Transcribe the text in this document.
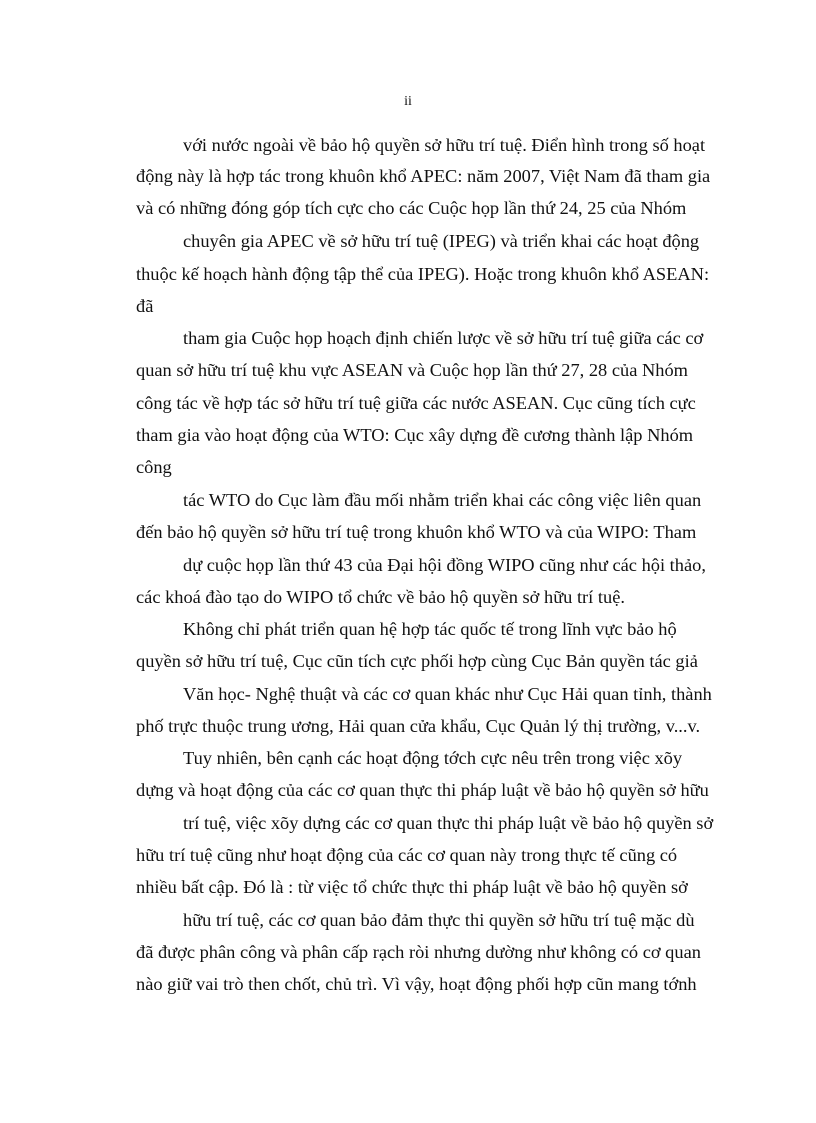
ii
với nước ngoài về bảo hộ quyền sở hữu trí tuệ. Điển hình trong số hoạt
động này là hợp tác trong khuôn khổ APEC: năm 2007, Việt Nam đã tham gia
và có những đóng góp tích cực cho các Cuộc họp lần thứ 24, 25 của Nhóm
chuyên gia APEC về sở hữu trí tuệ (IPEG) và triển khai các hoạt động
thuộc kế hoạch hành động tập thể của IPEG). Hoặc trong khuôn khổ ASEAN:
đã
tham gia Cuộc họp hoạch định chiến lược về sở hữu trí tuệ giữa các cơ
quan sở hữu trí tuệ khu vực ASEAN và Cuộc họp lần thứ 27, 28 của Nhóm
công tác về hợp tác sở hữu trí tuệ giữa các nước ASEAN. Cục cũng tích cực
tham gia vào hoạt động của WTO: Cục xây dựng đề cương thành lập Nhóm
công
tác WTO do Cục làm đầu mối nhằm triển khai các công việc liên quan
đến bảo hộ quyền sở hữu trí tuệ trong khuôn khổ WTO và của WIPO: Tham
dự cuộc họp lần thứ 43 của Đại hội đồng WIPO cũng như các hội thảo,
các khoá đào tạo do WIPO tổ chức về bảo hộ quyền sở hữu trí tuệ.
Không chỉ phát triển quan hệ hợp tác quốc tế trong lĩnh vực bảo hộ
quyền sở hữu trí tuệ, Cục cũn tích cực phối hợp cùng Cục Bản quyền tác giả
Văn học- Nghệ thuật và các cơ quan khác như Cục Hải quan tỉnh, thành
phố trực thuộc trung ương, Hải quan cửa khẩu, Cục Quản lý thị trường, v...v.
Tuy nhiên, bên cạnh các hoạt động tớch cực nêu trên trong việc xõy
dựng và hoạt động của các cơ quan thực thi pháp luật về bảo hộ quyền sở hữu
trí tuệ, việc xõy dựng các cơ quan thực thi pháp luật về bảo hộ quyền sở
hữu trí tuệ cũng như hoạt động của các cơ quan này trong thực tế cũng có
nhiều bất cập. Đó là : từ việc tổ chức thực thi pháp luật về bảo hộ quyền sở
hữu trí tuệ, các cơ quan bảo đảm thực thi quyền sở hữu trí tuệ mặc dù
đã được phân công và phân cấp rạch ròi nhưng dường như không có cơ quan
nào giữ vai trò then chốt, chủ trì. Vì vậy, hoạt động phối hợp cũn mang tớnh
